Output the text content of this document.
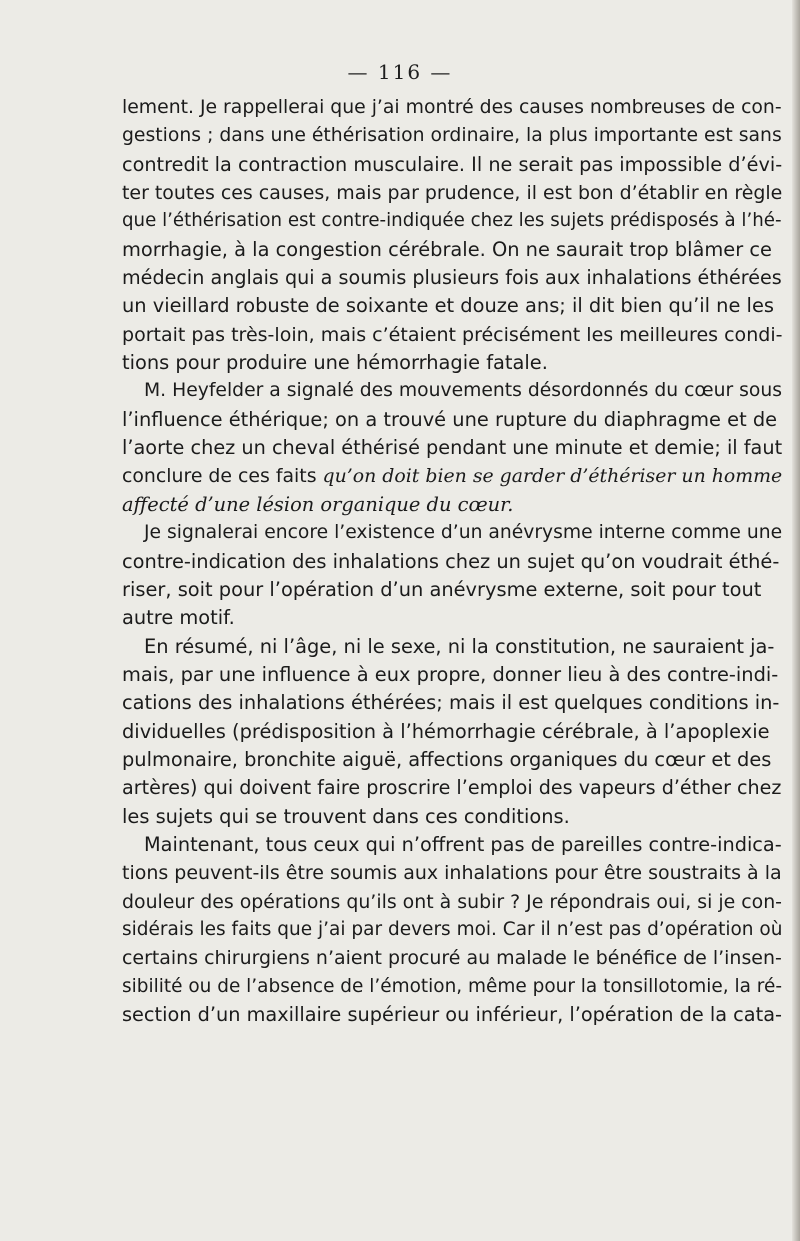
— 116 —
lement. Je rappellerai que j’ai montré des causes nombreuses de con-
gestions ; dans une éthérisation ordinaire, la plus importante est sans
contredit la contraction musculaire. Il ne serait pas impossible d’évi-
ter toutes ces causes, mais par prudence, il est bon d’établir en règle
que l’éthérisation est contre-indiquée chez les sujets prédisposés à l’hé-
morrhagie, à la congestion cérébrale. On ne saurait trop blâmer ce
médecin anglais qui a soumis plusieurs fois aux inhalations éthérées
un vieillard robuste de soixante et douze ans; il dit bien qu’il ne les
portait pas très-loin, mais c’étaient précisément les meilleures condi-
tions pour produire une hémorrhagie fatale.
M. Heyfelder a signalé des mouvements désordonnés du cœur sous
l’influence éthérique; on a trouvé une rupture du diaphragme et de
l’aorte chez un cheval éthérisé pendant une minute et demie; il faut
conclure de ces faits qu’on doit bien se garder d’éthériser un homme
affecté d’une lésion organique du cœur.
Je signalerai encore l’existence d’un anévrysme interne comme une
contre-indication des inhalations chez un sujet qu’on voudrait éthé-
riser, soit pour l’opération d’un anévrysme externe, soit pour tout
autre motif.
En résumé, ni l’âge, ni le sexe, ni la constitution, ne sauraient ja-
mais, par une influence à eux propre, donner lieu à des contre-indi-
cations des inhalations éthérées; mais il est quelques conditions in-
dividuelles (prédisposition à l’hémorrhagie cérébrale, à l’apoplexie
pulmonaire, bronchite aiguë, affections organiques du cœur et des
artères) qui doivent faire proscrire l’emploi des vapeurs d’éther chez
les sujets qui se trouvent dans ces conditions.
Maintenant, tous ceux qui n’offrent pas de pareilles contre-indica-
tions peuvent-ils être soumis aux inhalations pour être soustraits à la
douleur des opérations qu’ils ont à subir ? Je répondrais oui, si je con-
sidérais les faits que j’ai par devers moi. Car il n’est pas d’opération où
certains chirurgiens n’aient procuré au malade le bénéfice de l’insen-
sibilité ou de l’absence de l’émotion, même pour la tonsillotomie, la ré-
section d’un maxillaire supérieur ou inférieur, l’opération de la cata-
